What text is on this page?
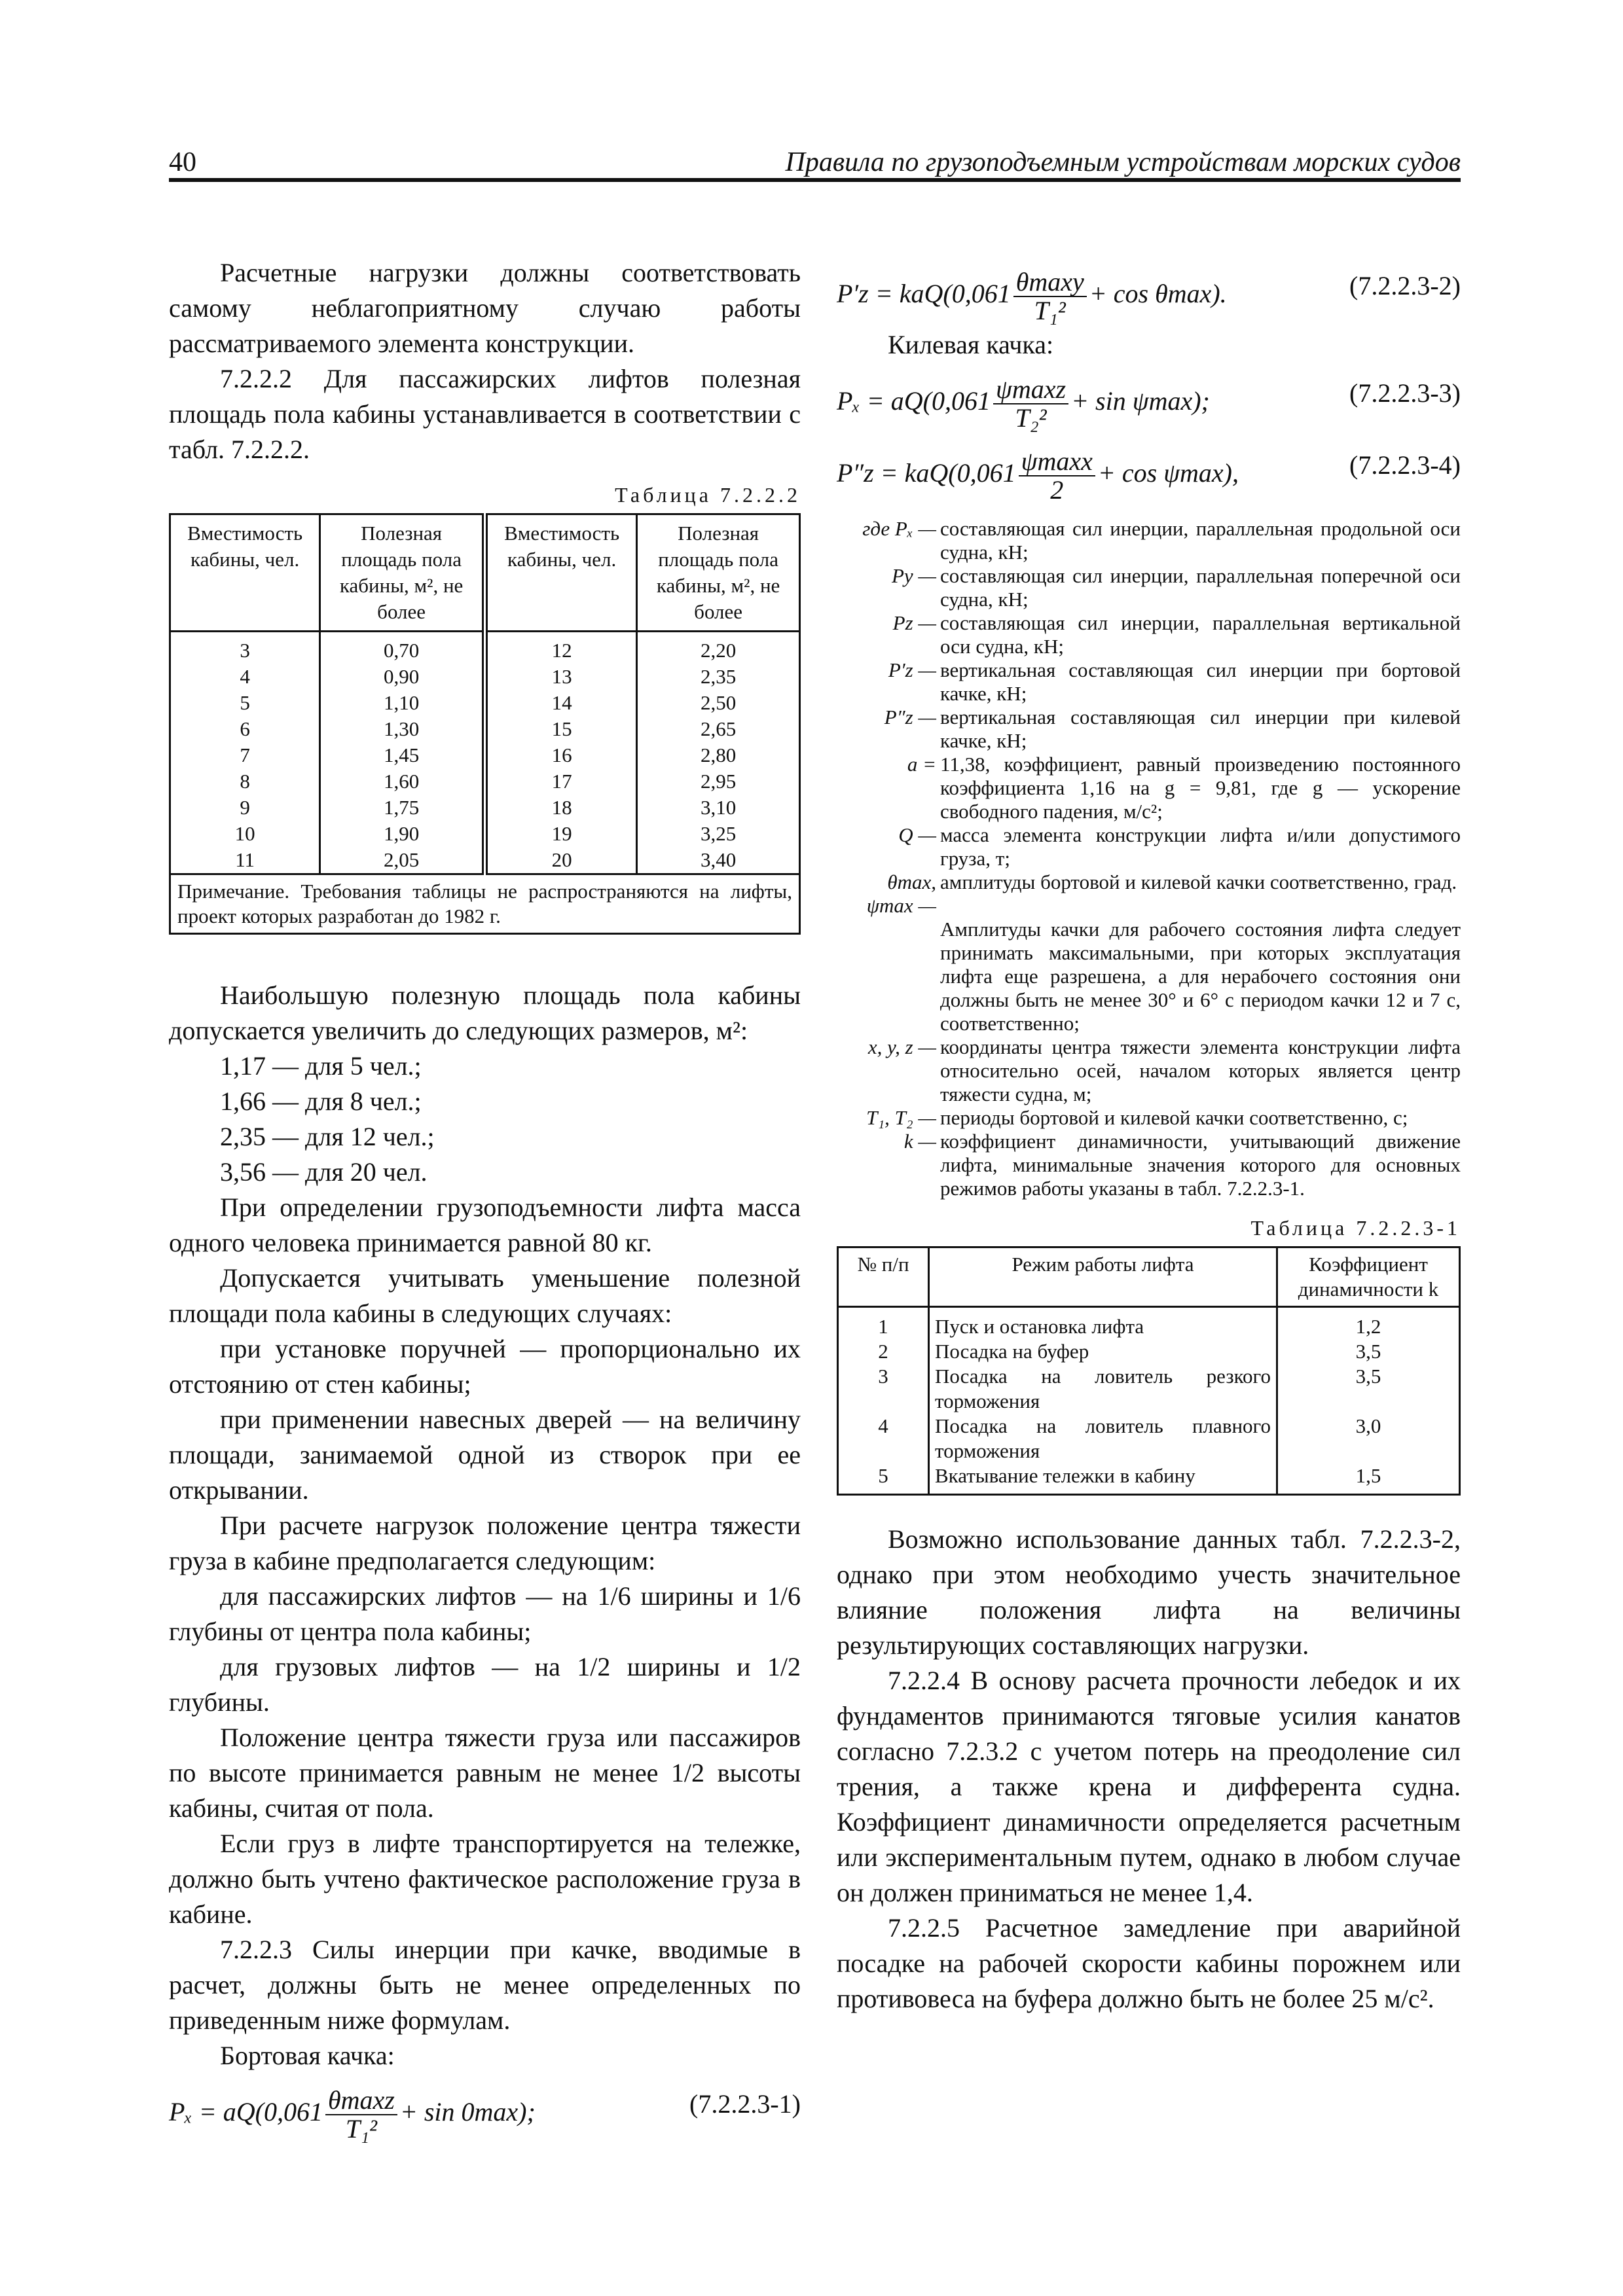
40	Правила по грузоподъемным устройствам морских судов

Расчетные нагрузки должны соответствовать самому неблагоприятному случаю работы рассматриваемого элемента конструкции.

7.2.2.2 Для пассажирских лифтов полезная площадь пола кабины устанавливается в соответствии с табл. 7.2.2.2.

Таблица 7.2.2.2
Вместимость кабины, чел.	Полезная площадь пола кабины, м², не более	Вместимость кабины, чел.	Полезная площадь пола кабины, м², не более
3	0,70	12	2,20
4	0,90	13	2,35
5	1,10	14	2,50
6	1,30	15	2,65
7	1,45	16	2,80
8	1,60	17	2,95
9	1,75	18	3,10
10	1,90	19	3,25
11	2,05	20	3,40
Примечание. Требования таблицы не распространяются на лифты, проект которых разработан до 1982 г.			

Наибольшую полезную площадь пола кабины допускается увеличить до следующих размеров, м²:

1,17 — для 5 чел.;
1,66 — для 8 чел.;
2,35 — для 12 чел.;
3,56 — для 20 чел.

При определении грузоподъемности лифта масса одного человека принимается равной 80 кг.

Допускается учитывать уменьшение полезной площади пола кабины в следующих случаях:

при установке поручней — пропорционально их отстоянию от стен кабины;

при применении навесных дверей — на величину площади, занимаемой одной из створок при ее открывании.

При расчете нагрузок положение центра тяжести груза в кабине предполагается следующим:

для пассажирских лифтов — на 1/6 ширины и 1/6 глубины от центра пола кабины;

для грузовых лифтов — на 1/2 ширины и 1/2 глубины.

Положение центра тяжести груза или пассажиров по высоте принимается равным не менее 1/2 высоты кабины, считая от пола.

Если груз в лифте транспортируется на тележке, должно быть учтено фактическое расположение груза в кабине.

7.2.2.3 Силы инерции при качке, вводимые в расчет, должны быть не менее определенных по приведенным ниже формулам.

Бортовая качка:

$P_x = aQ(0,061 \frac{\theta\max z}{\text{T₁²}} + \sin 0\max)$;	(7.2.2.3-1)
$P'z = kaQ(0,061 \frac{\theta\max y}{\text{T₁²}} + \cos \theta\max)$.	(7.2.2.3-2)

Килевая качка:

$P_x = aQ(0,061 \frac{\psi\max z}{\text{T₂²}} + \sin \psi\max)$;	(7.2.2.3-3)
$P''z = kaQ(0,061 \frac{\psi\max x}{2} + \cos \psi\max)$,	(7.2.2.3-4)
где Pₓ — составляющая сил инерции, параллельная продольной оси судна, кН;
Py — составляющая сил инерции, параллельная поперечной оси судна, кН;
Pz — составляющая сил инерции, параллельная вертикальной оси судна, кН;
P′z — вертикальная составляющая сил инерции при бортовой качке, кН;
P″z — вертикальная составляющая сил инерции при килевой качке, кН;
a = 11,38, коэффициент, равный произведению постоянного коэффициента 1,16 на g = 9,81, где g — ускорение свободного падения, м/с²;
Q — масса элемента конструкции лифта и/или допустимого груза, т;
θmax, ψmax —
амплитуды бортовой и килевой качки соответственно, град.
Амплитуды качки для рабочего состояния лифта следует принимать максимальными, при которых эксплуатация лифта еще разрешена, а для нерабочего состояния они должны быть не менее 30° и 6° с периодом качки 12 и 7 с, соответственно;
x, y, z — координаты центра тяжести элемента конструкции лифта относительно осей, началом которых является центр тяжести судна, м;
T₁, T₂ — периоды бортовой и килевой качки соответственно, с;
k — коэффициент динамичности, учитывающий движение лифта, минимальные значения которого для основных режимов работы указаны в табл. 7.2.2.3-1.
Таблица 7.2.2.3-1
№ п/п	Режим работы лифта	Коэффициент динамичности k
1	Пуск и остановка лифта	1,2
2	Посадка на буфер	3,5
3	Посадка на ловитель резкого торможения	3,5
4	Посадка на ловитель плавного торможения	3,0
5	Вкатывание тележки в кабину	1,5

Возможно использование данных табл. 7.2.2.3-2, однако при этом необходимо учесть значительное влияние положения лифта на величины результирующих составляющих нагрузки.

7.2.2.4 В основу расчета прочности лебедок и их фундаментов принимаются тяговые усилия канатов согласно 7.2.3.2 с учетом потерь на преодоление сил трения, а также крена и дифферента судна. Коэффициент динамичности определяется расчетным или экспериментальным путем, однако в любом случае он должен приниматься не менее 1,4.

7.2.2.5 Расчетное замедление при аварийной посадке на рабочей скорости кабины порожнем или противовеса на буфера должно быть не более 25 м/с².
